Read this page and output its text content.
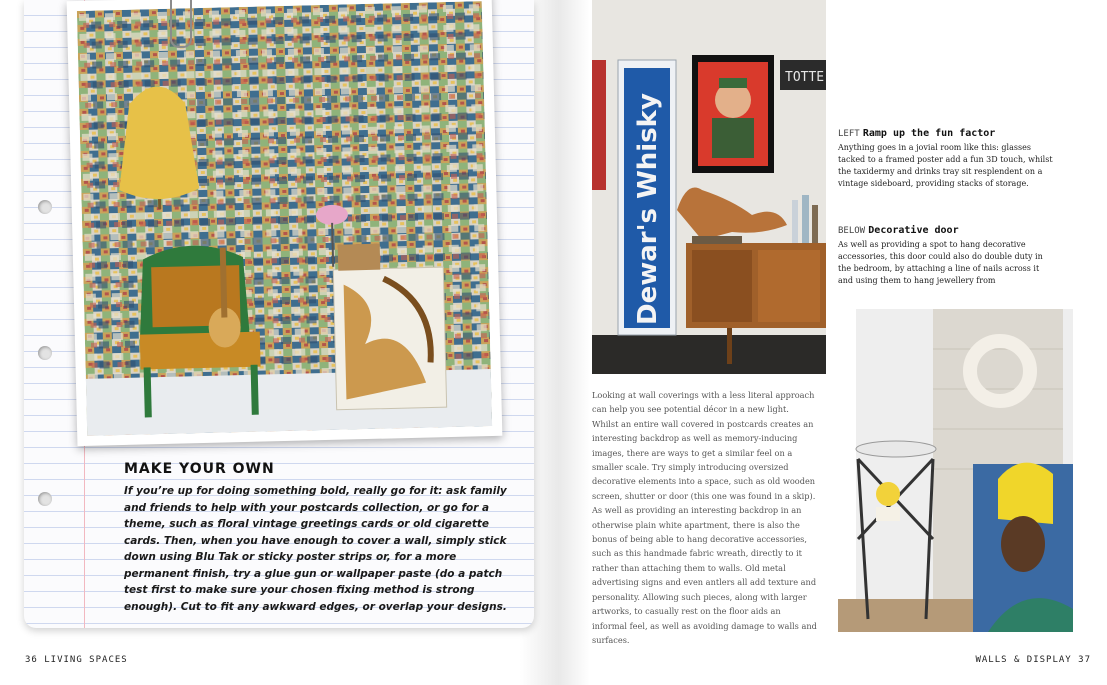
MAKE YOUR OWN
If you’re up for doing something bold, really go for it: ask family and friends to help with your postcards collection, or go for a theme, such as floral vintage greetings cards or old cigarette cards. Then, when you have enough to cover a wall, simply stick down using Blu Tak or sticky poster strips or, for a more permanent finish, try a glue gun or wallpaper paste (do a patch test first to make sure your chosen fixing method is strong enough). Cut to fit any awkward edges, or overlap your designs.
Dewar's Whisky
TOTTE
LEFT Ramp up the fun factor
Anything goes in a jovial room like this: glasses tacked to a framed poster add a fun 3D touch, whilst the taxidermy and drinks tray sit resplendent on a vintage sideboard, providing stacks of storage.
BELOW Decorative door
As well as providing a spot to hang decorative accessories, this door could also do double duty in the bedroom, by attaching a line of nails across it and using them to hang jewellery from
Looking at wall coverings with a less literal approach can help you see potential décor in a new light. Whilst an entire wall covered in postcards creates an interesting backdrop as well as memory-inducing images, there are ways to get a similar feel on a smaller scale. Try simply introducing oversized decorative elements into a space, such as old wooden screen, shutter or door (this one was found in a skip). As well as providing an interesting backdrop in an otherwise plain white apartment, there is also the bonus of being able to hang decorative accessories, such as this handmade fabric wreath, directly to it rather than attaching them to walls. Old metal advertising signs and even antlers all add texture and personality. Allowing such pieces, along with larger artworks, to casually rest on the floor aids an informal feel, as well as avoiding damage to walls and surfaces.
36 LIVING SPACES	WALLS & DISPLAY 37
